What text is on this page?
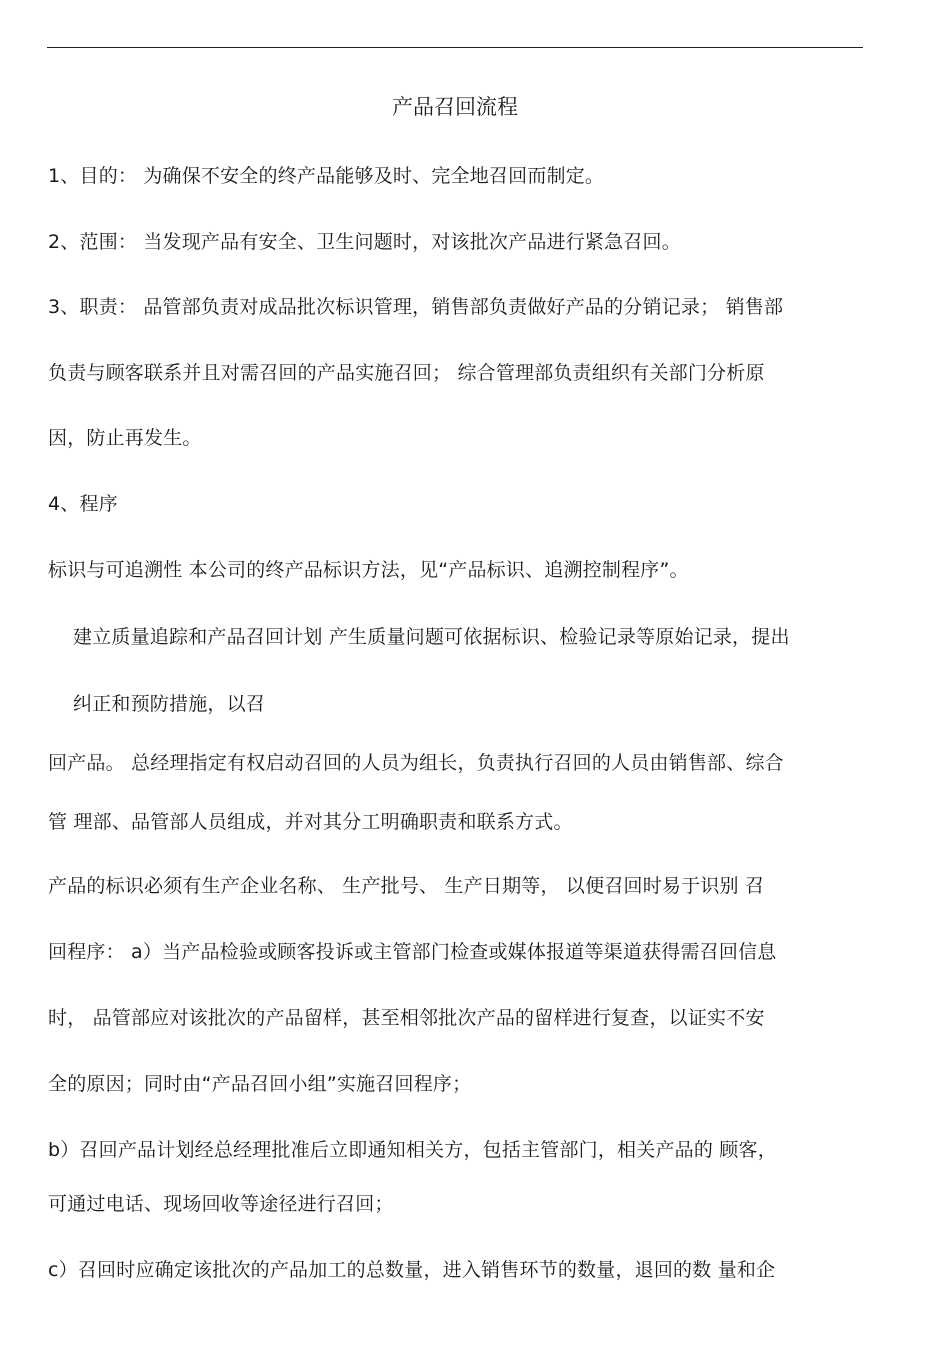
产品召回流程
1、目的： 为确保不安全的终产品能够及时、完全地召回而制定。
2、范围： 当发现产品有安全、卫生问题时，对该批次产品进行紧急召回。
3、职责： 品管部负责对成品批次标识管理，销售部负责做好产品的分销记录； 销售部
负责与顾客联系并且对需召回的产品实施召回； 综合管理部负责组织有关部门分析原
因，防止再发生。
4、程序
标识与可追溯性 本公司的终产品标识方法，见“产品标识、追溯控制程序”。
建立质量追踪和产品召回计划 产生质量问题可依据标识、检验记录等原始记录，提出
纠正和预防措施，以召
回产品。 总经理指定有权启动召回的人员为组长，负责执行召回的人员由销售部、综合
管 理部、品管部人员组成，并对其分工明确职责和联系方式。
产品的标识必须有生产企业名称、 生产批号、 生产日期等， 以便召回时易于识别 召
回程序： a）当产品检验或顾客投诉或主管部门检查或媒体报道等渠道获得需召回信息
时， 品管部应对该批次的产品留样，甚至相邻批次产品的留样进行复查，以证实不安
全的原因；同时由“产品召回小组”实施召回程序；
b）召回产品计划经总经理批准后立即通知相关方，包括主管部门，相关产品的 顾客，
可通过电话、现场回收等途径进行召回；
c）召回时应确定该批次的产品加工的总数量，进入销售环节的数量，退回的数 量和企
